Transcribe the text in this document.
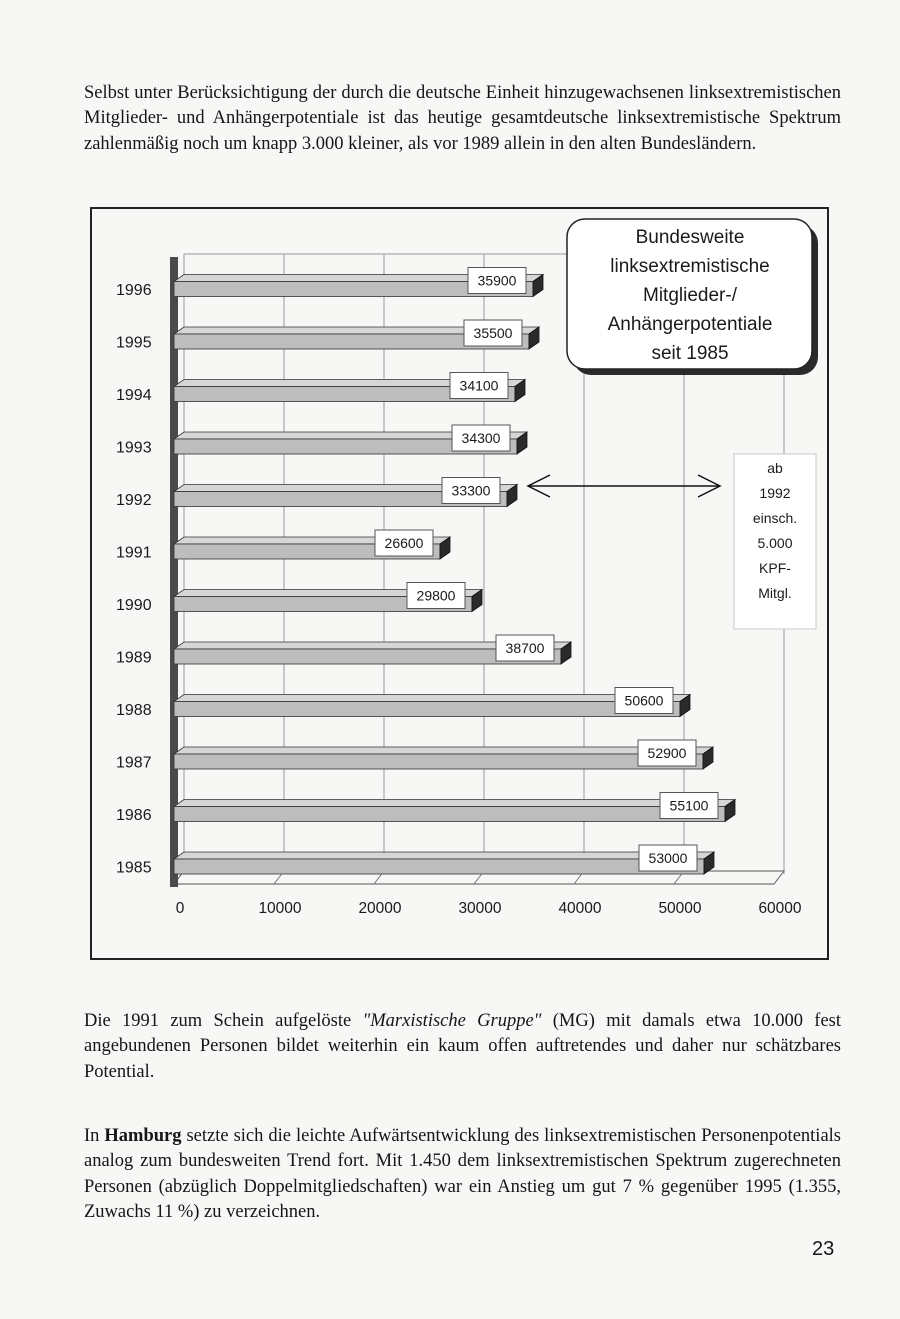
Selbst unter Berücksichtigung der durch die deutsche Einheit hinzugewachsenen linksextremistischen Mitglieder- und Anhängerpotentiale ist das heutige gesamtdeutsche linksextremistische Spektrum zahlenmäßig noch um knapp 3.000 kleiner, als vor 1989 allein in den alten Bundesländern.

1996
35900
1995
35500
1994
34100
1993
34300
1992
33300
1991
26600
1990
29800
1989
38700
1988
50600
1987
52900
1986
55100
1985
53000
0	10000	20000	30000	40000	50000	60000
Bundesweite
linksextremistische
Mitglieder-/
Anhängerpotentiale
seit 1985
ab
1992
einsch.
5.000
KPF-
Mitgl.

Die 1991 zum Schein aufgelöste "Marxistische Gruppe" (MG) mit damals etwa 10.000 fest angebundenen Personen bildet weiterhin ein kaum offen auftretendes und daher nur schätzbares Potential.

In Hamburg setzte sich die leichte Aufwärtsentwicklung des linksextremistischen Personenpotentials analog zum bundesweiten Trend fort. Mit 1.450 dem linksextremistischen Spektrum zugerechneten Personen (abzüglich Doppelmitgliedschaften) war ein Anstieg um gut 7 % gegenüber 1995 (1.355, Zuwachs 11 %) zu verzeichnen.

23
